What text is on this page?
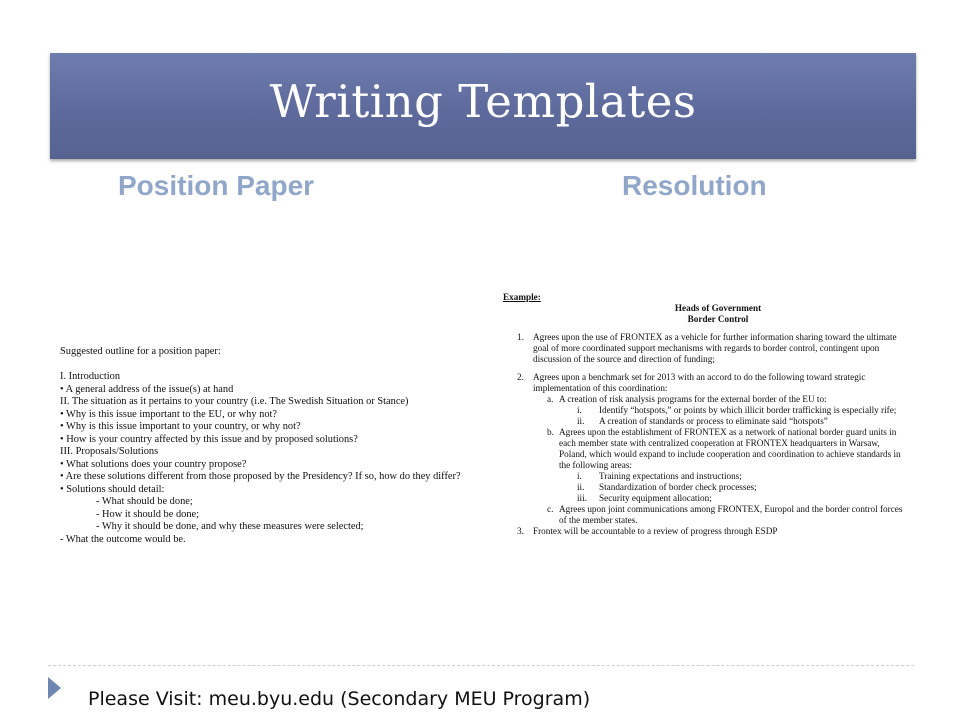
Writing Templates
Position Paper	Resolution
Suggested outline for a position paper:
I. Introduction
• A general address of the issue(s) at hand
II. The situation as it pertains to your country (i.e. The Swedish Situation or Stance)
• Why is this issue important to the EU, or why not?
• Why is this issue important to your country, or why not?
• How is your country affected by this issue and by proposed solutions?
III. Proposals/Solutions
• What solutions does your country propose?
• Are these solutions different from those proposed by the Presidency? If so, how do they differ?
• Solutions should detail:
- What should be done;
- How it should be done;
- Why it should be done, and why these measures were selected;
- What the outcome would be.
Example:
Heads of Government
Border Control
1. Agrees upon the use of FRONTEX as a vehicle for further information sharing toward the ultimate goal of more coordinated support mechanisms with regards to border control, contingent upon discussion of the source and direction of funding;
2. Agrees upon a benchmark set for 2013 with an accord to do the following toward strategic implementation of this coordination:
a. A creation of risk analysis programs for the external border of the EU to:
i. Identify “hotspots,” or points by which illicit border trafficking is especially rife;
ii. A creation of standards or process to eliminate said “hotspots”
b. Agrees upon the establishment of FRONTEX as a network of national border guard units in each member state with centralized cooperation at FRONTEX headquarters in Warsaw, Poland, which would expand to include cooperation and coordination to achieve standards in the following areas:
i. Training expectations and instructions;
ii. Standardization of border check processes;
iii. Security equipment allocation;
c. Agrees upon joint communications among FRONTEX, Europol and the border control forces of the member states.
3. Frontex will be accountable to a review of progress through ESDP
Please Visit: meu.byu.edu (Secondary MEU Program)
